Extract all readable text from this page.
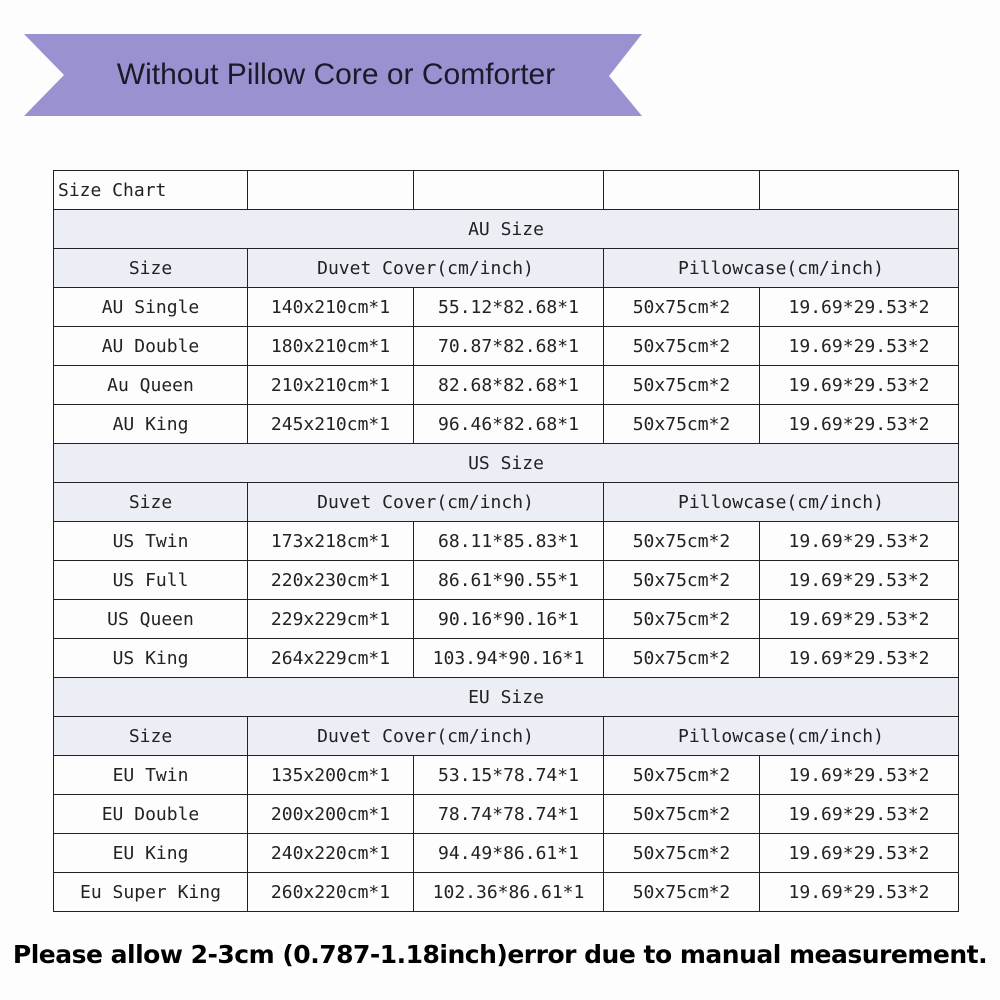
Without Pillow Core or Comforter
Size Chart				
AU Size				
Size	Duvet Cover(cm/inch)		Pillowcase(cm/inch)	
AU Single	140x210cm*1	55.12*82.68*1	50x75cm*2	19.69*29.53*2
AU Double	180x210cm*1	70.87*82.68*1	50x75cm*2	19.69*29.53*2
Au Queen	210x210cm*1	82.68*82.68*1	50x75cm*2	19.69*29.53*2
AU King	245x210cm*1	96.46*82.68*1	50x75cm*2	19.69*29.53*2
US Size				
Size	Duvet Cover(cm/inch)		Pillowcase(cm/inch)	
US Twin	173x218cm*1	68.11*85.83*1	50x75cm*2	19.69*29.53*2
US Full	220x230cm*1	86.61*90.55*1	50x75cm*2	19.69*29.53*2
US Queen	229x229cm*1	90.16*90.16*1	50x75cm*2	19.69*29.53*2
US King	264x229cm*1	103.94*90.16*1	50x75cm*2	19.69*29.53*2
EU Size				
Size	Duvet Cover(cm/inch)		Pillowcase(cm/inch)	
EU Twin	135x200cm*1	53.15*78.74*1	50x75cm*2	19.69*29.53*2
EU Double	200x200cm*1	78.74*78.74*1	50x75cm*2	19.69*29.53*2
EU King	240x220cm*1	94.49*86.61*1	50x75cm*2	19.69*29.53*2
Eu Super King	260x220cm*1	102.36*86.61*1	50x75cm*2	19.69*29.53*2
Please allow 2-3cm (0.787-1.18inch)error due to manual measurement.
